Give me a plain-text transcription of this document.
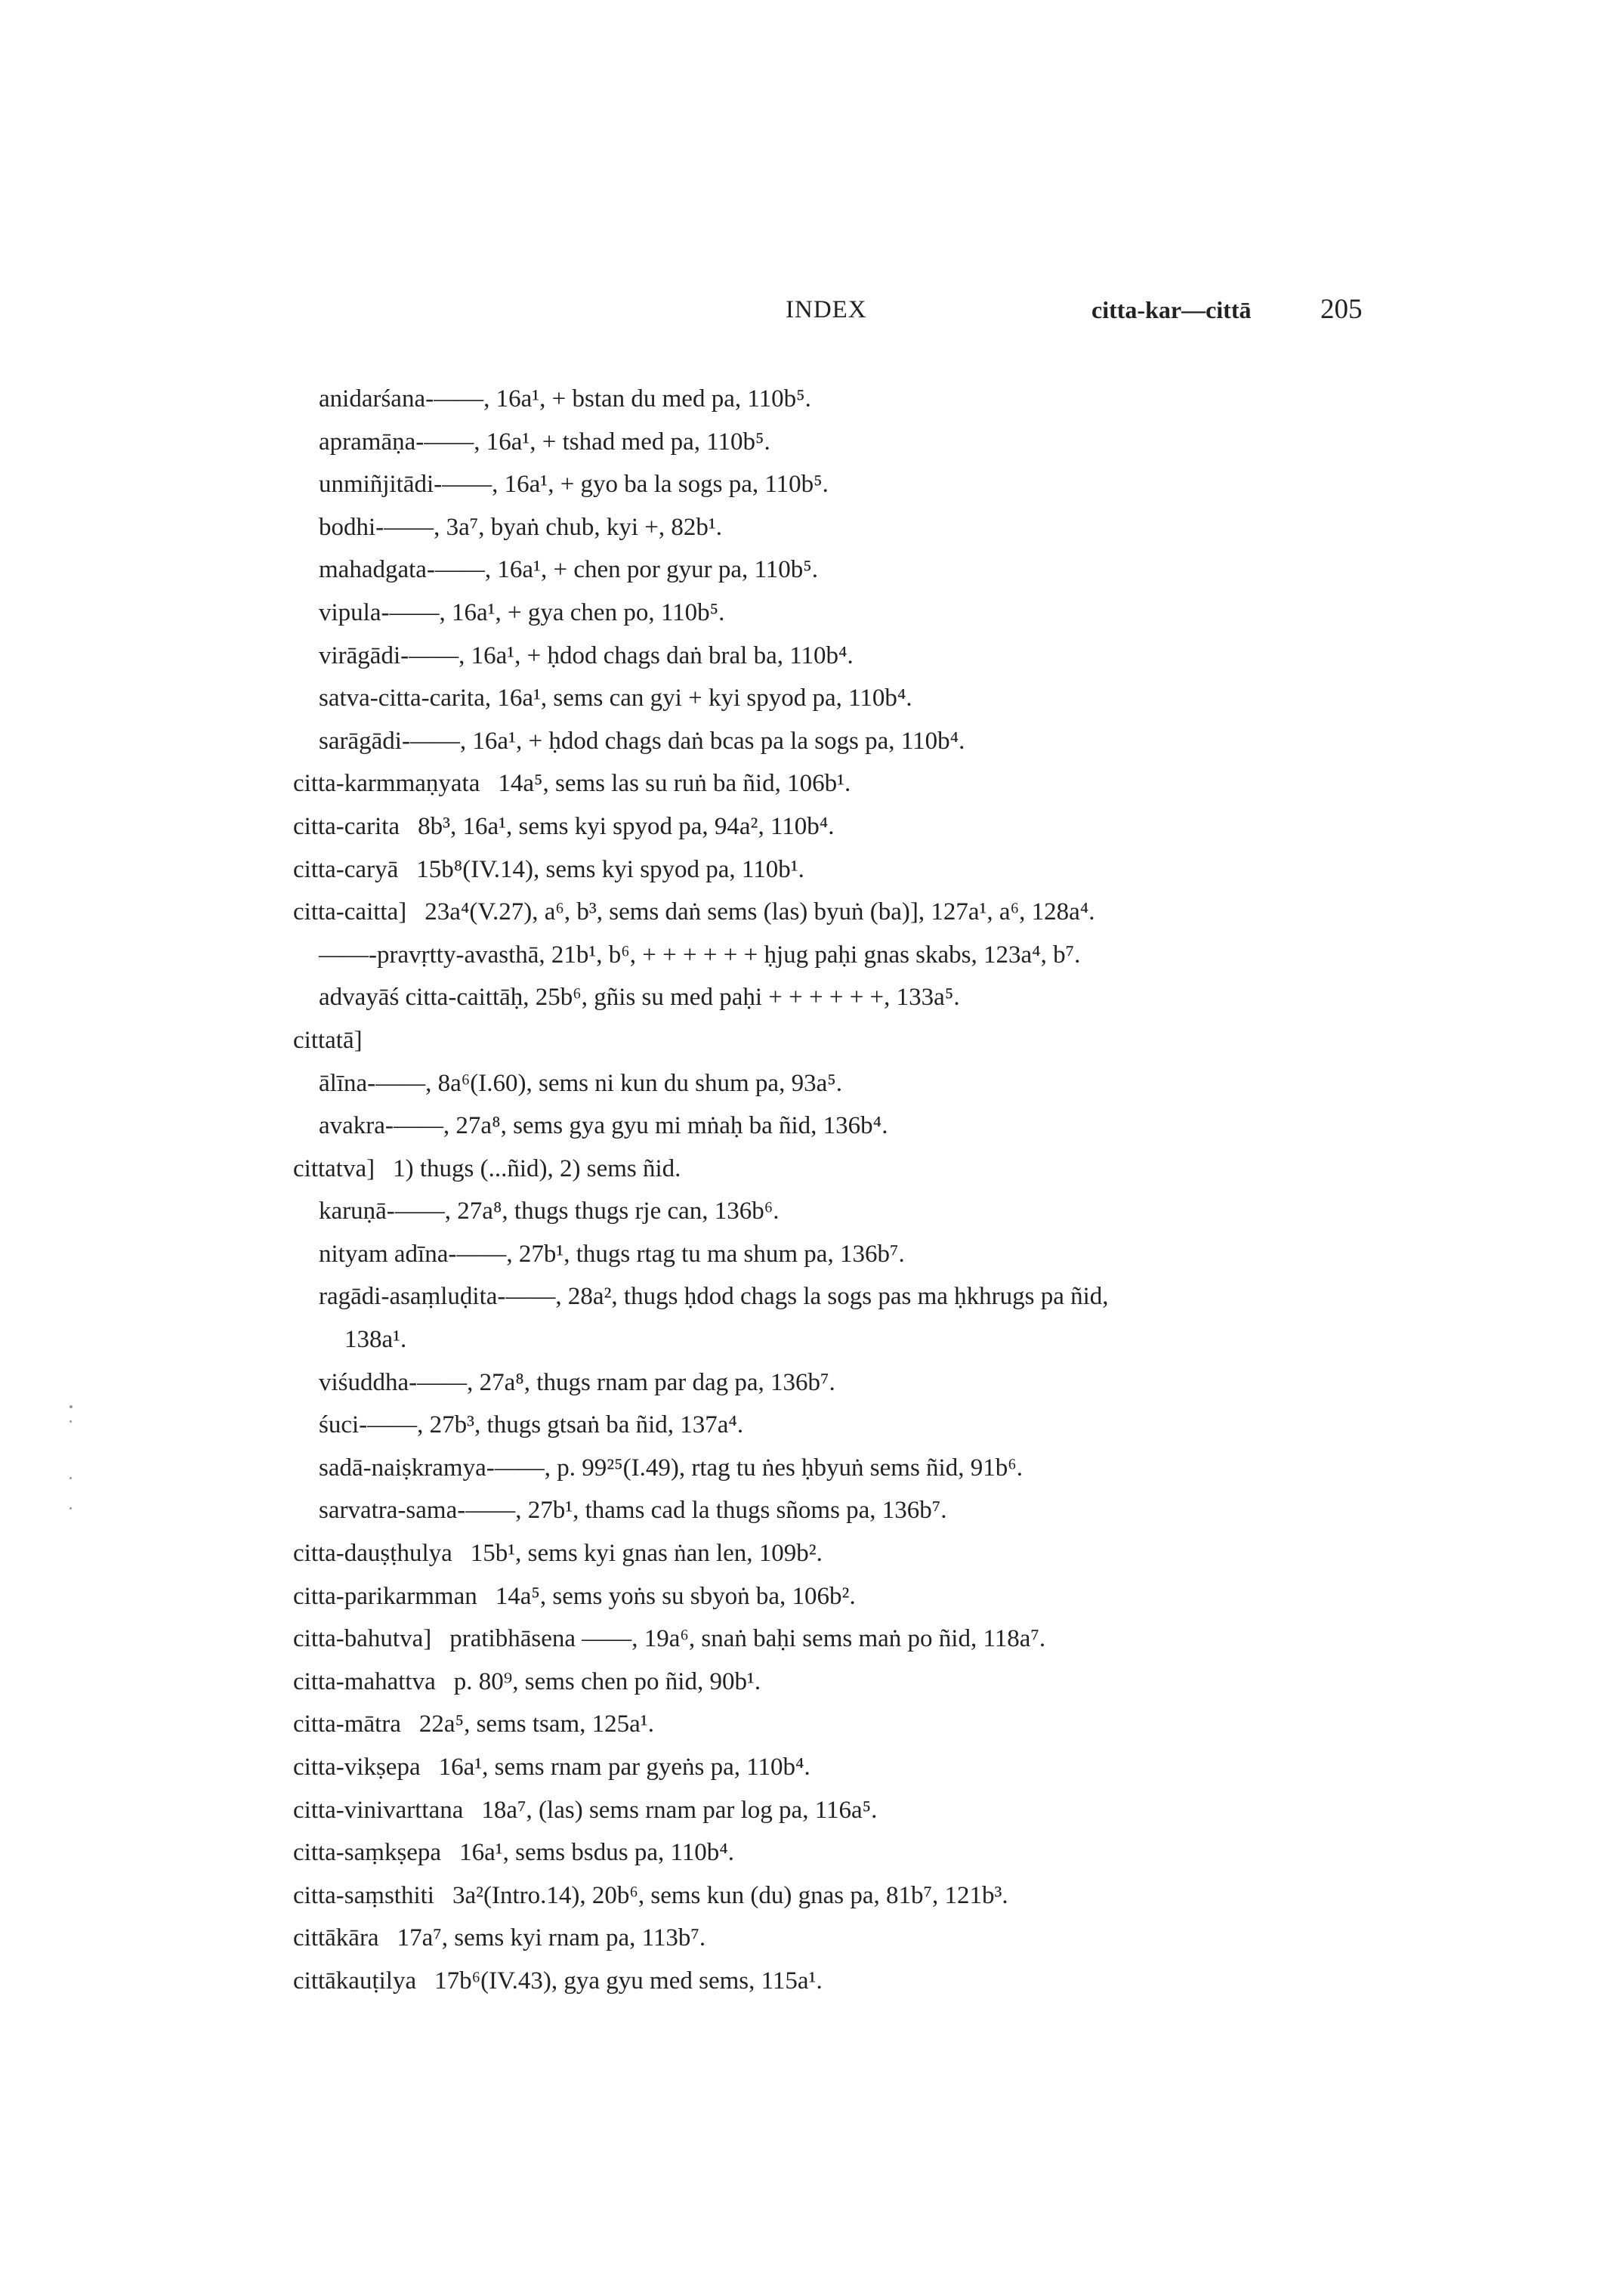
INDEX	citta-kar—cittā 205
anidarśana-——, 16a¹, + bstan du med pa, 110b⁵.
apramāṇa-——, 16a¹, + tshad med pa, 110b⁵.
unmiñjitādi-——, 16a¹, + gyo ba la sogs pa, 110b⁵.
bodhi-——, 3a⁷, byaṅ chub, kyi +, 82b¹.
mahadgata-——, 16a¹, + chen por gyur pa, 110b⁵.
vipula-——, 16a¹, + gya chen po, 110b⁵.
virāgādi-——, 16a¹, + ḥdod chags daṅ bral ba, 110b⁴.
satva-citta-carita, 16a¹, sems can gyi + kyi spyod pa, 110b⁴.
sarāgādi-——, 16a¹, + ḥdod chags daṅ bcas pa la sogs pa, 110b⁴.
citta-karmmaṇyata 14a⁵, sems las su ruṅ ba ñid, 106b¹.
citta-carita 8b³, 16a¹, sems kyi spyod pa, 94a², 110b⁴.
citta-caryā 15b⁸(IV.14), sems kyi spyod pa, 110b¹.
citta-caitta] 23a⁴(V.27), a⁶, b³, sems daṅ sems (las) byuṅ (ba)], 127a¹, a⁶, 128a⁴.
——-pravṛtty-avasthā, 21b¹, b⁶, + + + + + + ḥjug paḥi gnas skabs, 123a⁴, b⁷.
advayāś citta-caittāḥ, 25b⁶, gñis su med paḥi + + + + + +, 133a⁵.
cittatā]
ālīna-——, 8a⁶(I.60), sems ni kun du shum pa, 93a⁵.
avakra-——, 27a⁸, sems gya gyu mi mṅaḥ ba ñid, 136b⁴.
cittatva] 1) thugs (...ñid), 2) sems ñid.
karuṇā-——, 27a⁸, thugs thugs rje can, 136b⁶.
nityam adīna-——, 27b¹, thugs rtag tu ma shum pa, 136b⁷.
ragādi-asaṃluḍita-——, 28a², thugs ḥdod chags la sogs pas ma ḥkhrugs pa ñid,
138a¹.
viśuddha-——, 27a⁸, thugs rnam par dag pa, 136b⁷.
śuci-——, 27b³, thugs gtsaṅ ba ñid, 137a⁴.
sadā-naiṣkramya-——, p. 99²⁵(I.49), rtag tu ṅes ḥbyuṅ sems ñid, 91b⁶.
sarvatra-sama-——, 27b¹, thams cad la thugs sñoms pa, 136b⁷.
citta-dauṣṭhulya 15b¹, sems kyi gnas ṅan len, 109b².
citta-parikarmman 14a⁵, sems yoṅs su sbyoṅ ba, 106b².
citta-bahutva] pratibhāsena ——, 19a⁶, snaṅ baḥi sems maṅ po ñid, 118a⁷.
citta-mahattva p. 80⁹, sems chen po ñid, 90b¹.
citta-mātra 22a⁵, sems tsam, 125a¹.
citta-vikṣepa 16a¹, sems rnam par gyeṅs pa, 110b⁴.
citta-vinivarttana 18a⁷, (las) sems rnam par log pa, 116a⁵.
citta-saṃkṣepa 16a¹, sems bsdus pa, 110b⁴.
citta-saṃsthiti 3a²(Intro.14), 20b⁶, sems kun (du) gnas pa, 81b⁷, 121b³.
cittākāra 17a⁷, sems kyi rnam pa, 113b⁷.
cittākauṭilya 17b⁶(IV.43), gya gyu med sems, 115a¹.
